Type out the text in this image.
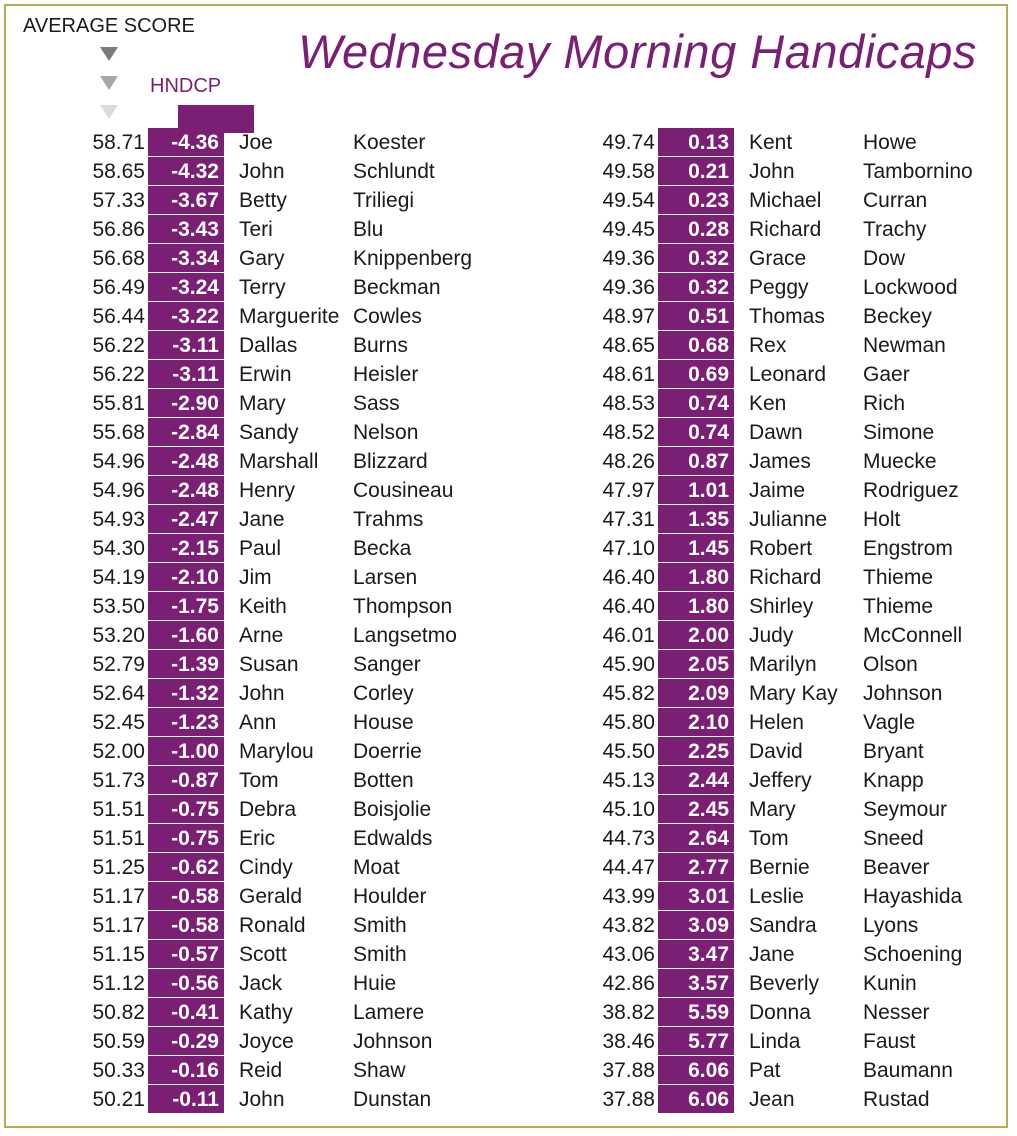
AVERAGE SCORE
HNDCP
Wednesday Morning Handicaps
58.71	-4.36 Joe	Koester
58.65	-4.32 John	Schlundt
57.33	-3.67 Betty	Triliegi
56.86	-3.43 Teri	Blu
56.68	-3.34 Gary	Knippenberg
56.49	-3.24 Terry	Beckman
56.44	-3.22 Marguerite Cowles
56.22	-3.11 Dallas	Burns
56.22	-3.11 Erwin	Heisler
55.81	-2.90 Mary	Sass
55.68	-2.84 Sandy	Nelson
54.96	-2.48 Marshall Blizzard
54.96	-2.48 Henry	Cousineau
54.93	-2.47 Jane	Trahms
54.30	-2.15 Paul	Becka
54.19	-2.10 Jim	Larsen
53.50	-1.75 Keith	Thompson
53.20	-1.60 Arne	Langsetmo
52.79	-1.39 Susan	Sanger
52.64	-1.32 John	Corley
52.45	-1.23 Ann	House
52.00	-1.00 Marylou Doerrie
51.73	-0.87 Tom	Botten
51.51	-0.75 Debra	Boisjolie
51.51	-0.75 Eric	Edwalds
51.25	-0.62 Cindy	Moat
51.17	-0.58 Gerald Houlder
51.17	-0.58 Ronald Smith
51.15	-0.57 Scott	Smith
51.12	-0.56 Jack	Huie
50.82	-0.41 Kathy	Lamere
50.59	-0.29 Joyce	Johnson
50.33	-0.16 Reid	Shaw
50.21	-0.11 John	Dunstan
49.74	0.13 Kent	Howe
49.58	0.21 John	Tambornino
49.54	0.23 Michael Curran
49.45	0.28 Richard Trachy
49.36	0.32 Grace	Dow
49.36	0.32 Peggy	Lockwood
48.97	0.51 Thomas Beckey
48.65	0.68 Rex	Newman
48.61	0.69 Leonard Gaer
48.53	0.74 Ken	Rich
48.52	0.74 Dawn	Simone
48.26	0.87 James Muecke
47.97	1.01 Jaime	Rodriguez
47.31	1.35 Julianne Holt
47.10	1.45 Robert Engstrom
46.40	1.80 Richard Thieme
46.40	1.80 Shirley Thieme
46.01	2.00 Judy	McConnell
45.90	2.05 Marilyn Olson
45.82	2.09 Mary Kay Johnson
45.80	2.10 Helen	Vagle
45.50	2.25 David	Bryant
45.13	2.44 Jeffery Knapp
45.10	2.45 Mary	Seymour
44.73	2.64 Tom	Sneed
44.47	2.77 Bernie	Beaver
43.99	3.01 Leslie	Hayashida
43.82	3.09 Sandra Lyons
43.06	3.47 Jane	Schoening
42.86	3.57 Beverly Kunin
38.82	5.59 Donna Nesser
38.46	5.77 Linda	Faust
37.88	6.06 Pat	Baumann
37.88	6.06 Jean	Rustad
